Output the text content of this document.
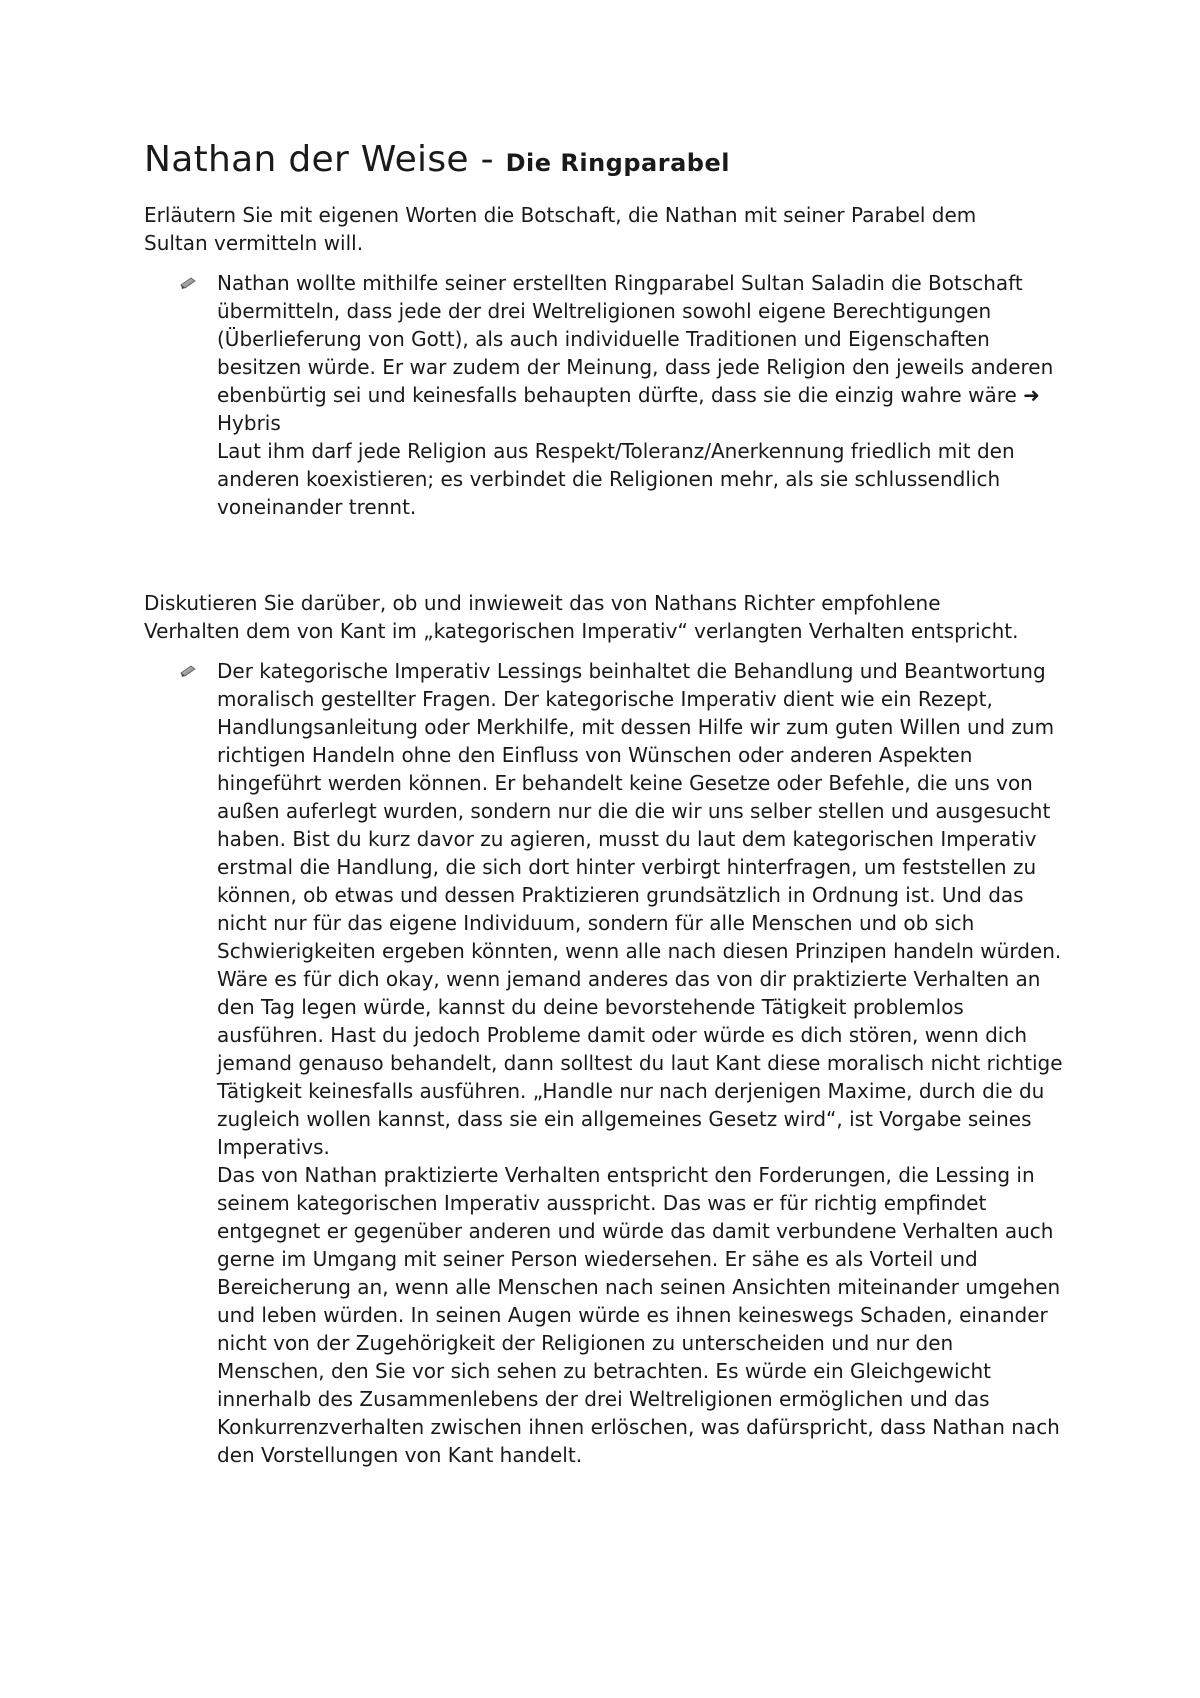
Nathan der Weise - Die Ringparabel

Erläutern Sie mit eigenen Worten die Botschaft, die Nathan mit seiner Parabel dem Sultan vermitteln will.

Nathan wollte mithilfe seiner erstellten Ringparabel Sultan Saladin die Botschaft übermitteln, dass jede der drei Weltreligionen sowohl eigene Berechtigungen (Überlieferung von Gott), als auch individuelle Traditionen und Eigenschaften besitzen würde. Er war zudem der Meinung, dass jede Religion den jeweils anderen ebenbürtig sei und keinesfalls behaupten dürfte, dass sie die einzig wahre wäre ➜ Hybris

Laut ihm darf jede Religion aus Respekt/Toleranz/Anerkennung friedlich mit den anderen koexistieren; es verbindet die Religionen mehr, als sie schlussendlich voneinander trennt.

Diskutieren Sie darüber, ob und inwieweit das von Nathans Richter empfohlene Verhalten dem von Kant im „kategorischen Imperativ“ verlangten Verhalten entspricht.

Der kategorische Imperativ Lessings beinhaltet die Behandlung und Beantwortung moralisch gestellter Fragen. Der kategorische Imperativ dient wie ein Rezept, Handlungsanleitung oder Merkhilfe, mit dessen Hilfe wir zum guten Willen und zum richtigen Handeln ohne den Einfluss von Wünschen oder anderen Aspekten hingeführt werden können. Er behandelt keine Gesetze oder Befehle, die uns von außen auferlegt wurden, sondern nur die die wir uns selber stellen und ausgesucht haben. Bist du kurz davor zu agieren, musst du laut dem kategorischen Imperativ erstmal die Handlung, die sich dort hinter verbirgt hinterfragen, um feststellen zu können, ob etwas und dessen Praktizieren grundsätzlich in Ordnung ist. Und das nicht nur für das eigene Individuum, sondern für alle Menschen und ob sich Schwierigkeiten ergeben könnten, wenn alle nach diesen Prinzipen handeln würden. Wäre es für dich okay, wenn jemand anderes das von dir praktizierte Verhalten an den Tag legen würde, kannst du deine bevorstehende Tätigkeit problemlos ausführen. Hast du jedoch Probleme damit oder würde es dich stören, wenn dich jemand genauso behandelt, dann solltest du laut Kant diese moralisch nicht richtige Tätigkeit keinesfalls ausführen. „Handle nur nach derjenigen Maxime, durch die du zugleich wollen kannst, dass sie ein allgemeines Gesetz wird“, ist Vorgabe seines Imperativs.

Das von Nathan praktizierte Verhalten entspricht den Forderungen, die Lessing in seinem kategorischen Imperativ ausspricht. Das was er für richtig empfindet entgegnet er gegenüber anderen und würde das damit verbundene Verhalten auch gerne im Umgang mit seiner Person wiedersehen. Er sähe es als Vorteil und Bereicherung an, wenn alle Menschen nach seinen Ansichten miteinander umgehen und leben würden. In seinen Augen würde es ihnen keineswegs Schaden, einander nicht von der Zugehörigkeit der Religionen zu unterscheiden und nur den Menschen, den Sie vor sich sehen zu betrachten. Es würde ein Gleichgewicht innerhalb des Zusammenlebens der drei Weltreligionen ermöglichen und das Konkurrenzverhalten zwischen ihnen erlöschen, was dafürspricht, dass Nathan nach den Vorstellungen von Kant handelt.
